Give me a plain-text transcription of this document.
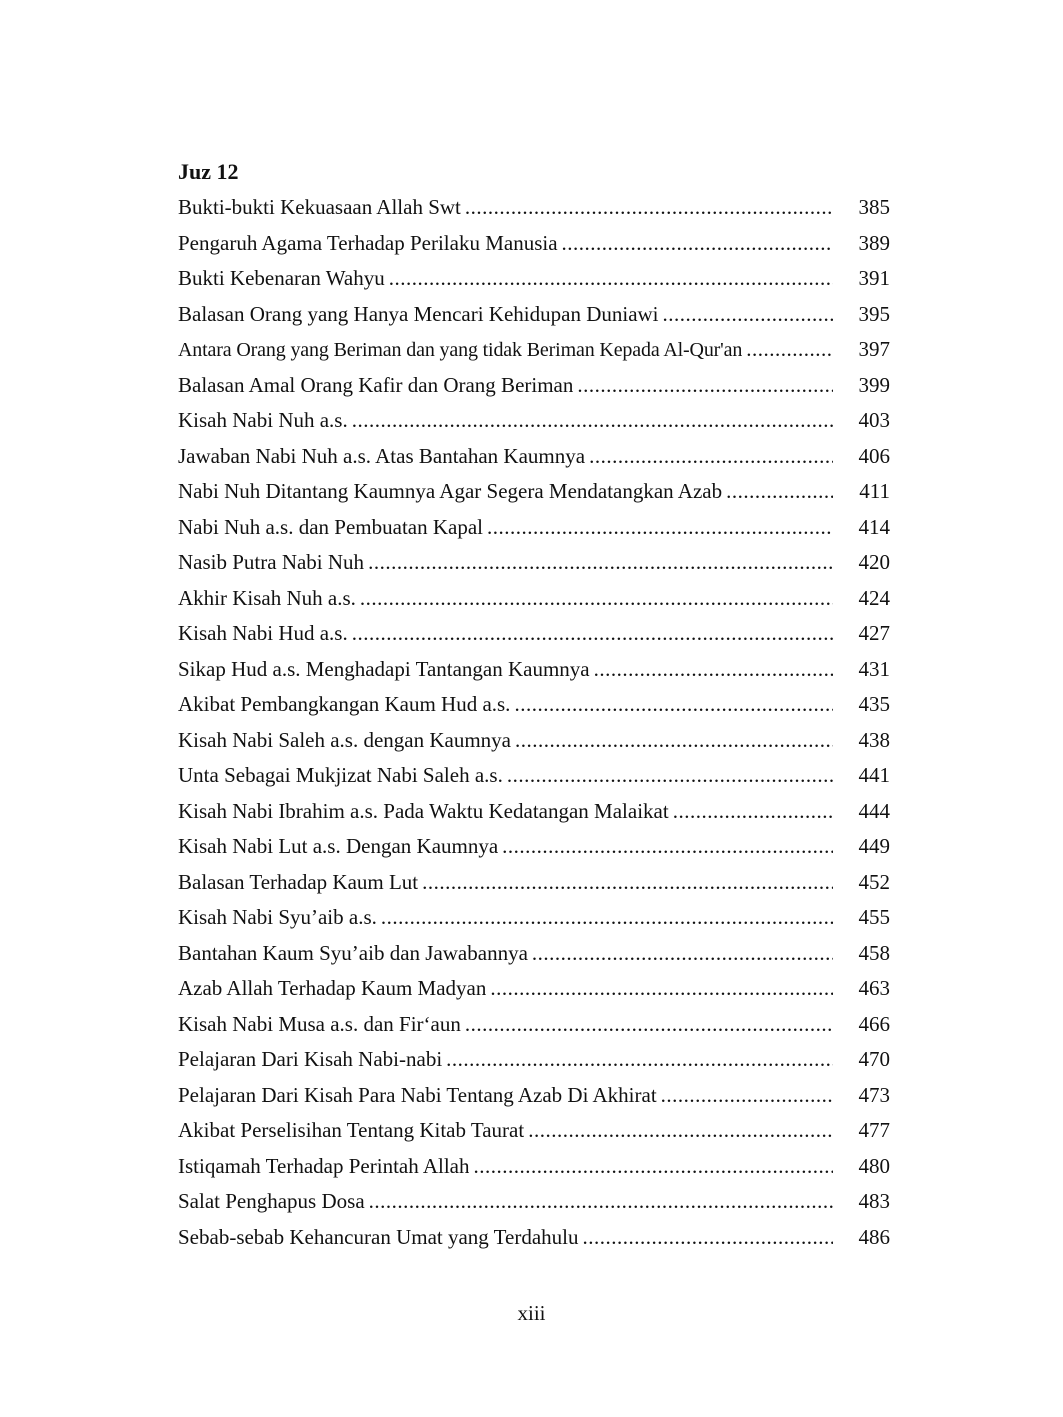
Juz 12
Bukti-bukti Kekuasaan Allah Swt .....	385
Pengaruh Agama Terhadap Perilaku Manusia .....	389
Bukti Kebenaran Wahyu .....	391
Balasan Orang yang Hanya Mencari Kehidupan Duniawi .....	395
Antara Orang yang Beriman dan yang tidak Beriman Kepada Al-Qur'an .....	397
Balasan Amal Orang Kafir dan Orang Beriman .....	399
Kisah Nabi Nuh a.s. .....	403
Jawaban Nabi Nuh a.s. Atas Bantahan Kaumnya .....	406
Nabi Nuh Ditantang Kaumnya Agar Segera Mendatangkan Azab .....	411
Nabi Nuh a.s. dan Pembuatan Kapal .....	414
Nasib Putra Nabi Nuh .....	420
Akhir Kisah Nuh a.s. .....	424
Kisah Nabi Hud a.s. .....	427
Sikap Hud a.s. Menghadapi Tantangan Kaumnya .....	431
Akibat Pembangkangan Kaum Hud a.s. .....	435
Kisah Nabi Saleh a.s. dengan Kaumnya .....	438
Unta Sebagai Mukjizat Nabi Saleh a.s. .....	441
Kisah Nabi Ibrahim a.s. Pada Waktu Kedatangan Malaikat .....	444
Kisah Nabi Lut a.s. Dengan Kaumnya .....	449
Balasan Terhadap Kaum Lut .....	452
Kisah Nabi Syu’aib a.s. .....	455
Bantahan Kaum Syu’aib dan Jawabannya .....	458
Azab Allah Terhadap Kaum Madyan .....	463
Kisah Nabi Musa a.s. dan Fir‘aun .....	466
Pelajaran Dari Kisah Nabi-nabi .....	470
Pelajaran Dari Kisah Para Nabi Tentang Azab Di Akhirat .....	473
Akibat Perselisihan Tentang Kitab Taurat .....	477
Istiqamah Terhadap Perintah Allah .....	480
Salat Penghapus Dosa .....	483
Sebab-sebab Kehancuran Umat yang Terdahulu .....	486
xiii
